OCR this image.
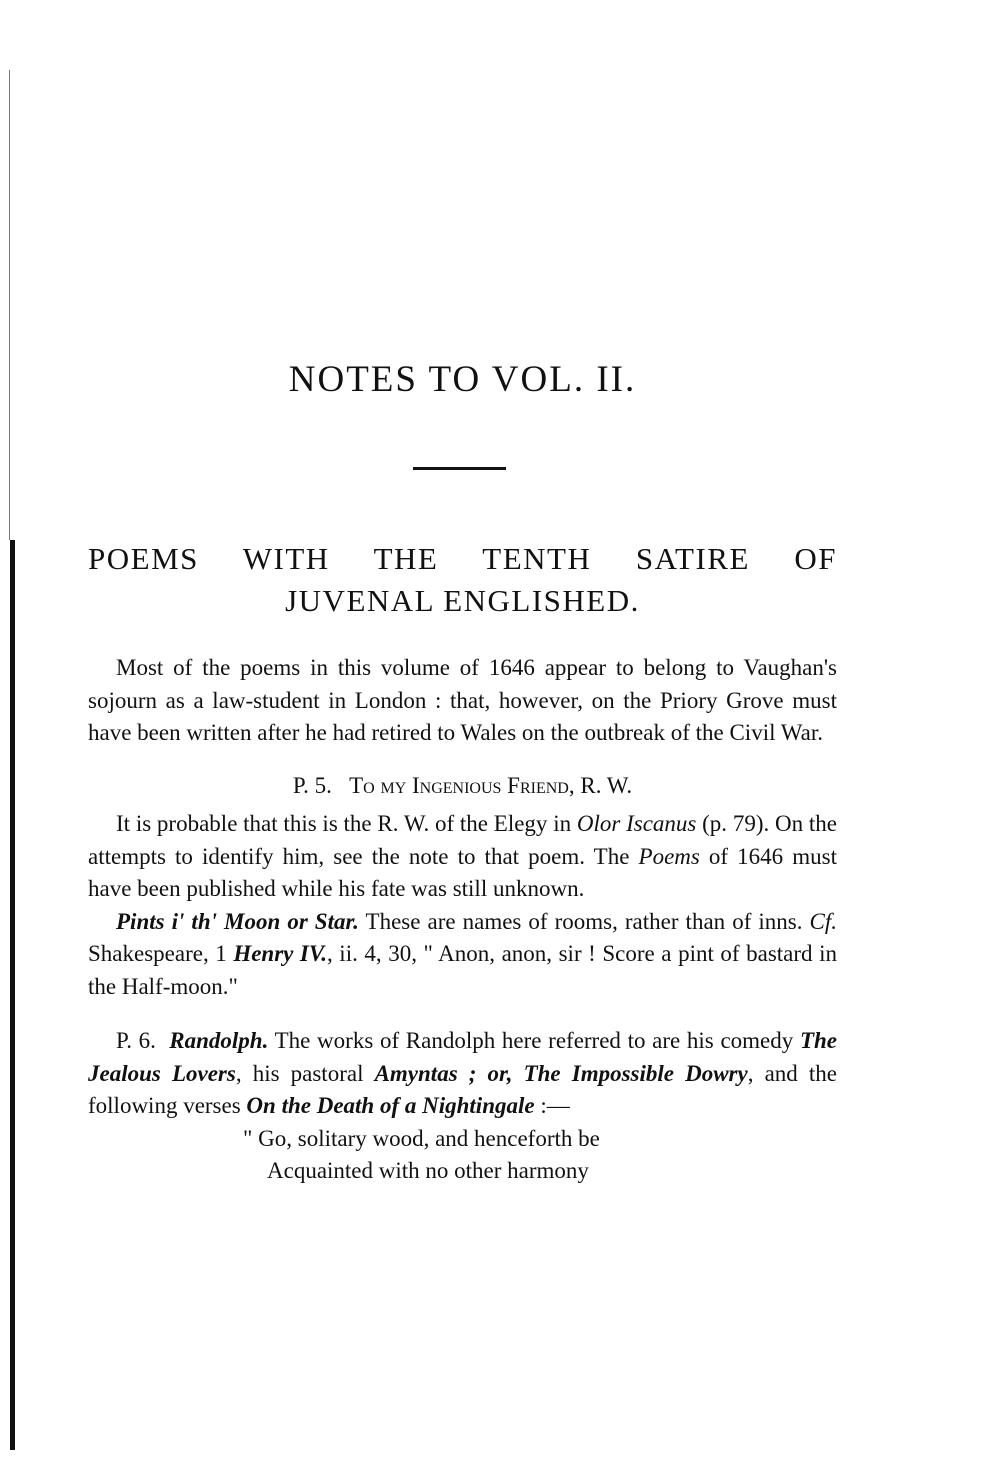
NOTES TO VOL. II.
POEMS WITH THE TENTH SATIRE OF
JUVENAL ENGLISHED.

Most of the poems in this volume of 1646 appear to belong to Vaughan's sojourn as a law-student in London : that, however, on the Priory Grove must have been written after he had retired to Wales on the outbreak of the Civil War.

P. 5. To my Ingenious Friend, R. W.

It is probable that this is the R. W. of the Elegy in Olor Iscanus (p. 79). On the attempts to identify him, see the note to that poem. The Poems of 1646 must have been published while his fate was still unknown.

Pints i' th' Moon or Star. These are names of rooms, rather than of inns. Cf. Shakespeare, 1 Henry IV., ii. 4, 30, " Anon, anon, sir ! Score a pint of bastard in the Half-moon."

P. 6. Randolph. The works of Randolph here referred to are his comedy The Jealous Lovers, his pastoral Amyntas ; or, The Impossible Dowry, and the following verses On the Death of a Nightingale :—

" Go, solitary wood, and henceforth be
Acquainted with no other harmony
